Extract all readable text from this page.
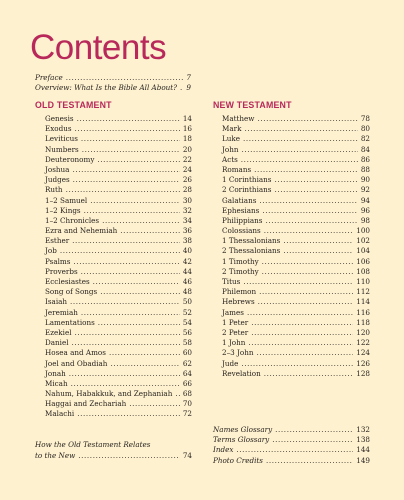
Contents
Preface .....	7
Overview: What Is the Bible All About? ..... 9
OLD TESTAMENT	NEW TESTAMENT
Genesis .....	14
Exodus .....	16
Leviticus .....	18
Numbers .....	20
Deuteronomy .....	22
Joshua .....	24
Judges .....	26
Ruth .....	28
1–2 Samuel .....	30
1–2 Kings .....	32
1–2 Chronicles .....	34
Ezra and Nehemiah .....	36
Esther .....	38
Job .....	40
Psalms .....	42
Proverbs .....	44
Ecclesiastes .....	46
Song of Songs .....	48
Isaiah .....	50
Jeremiah .....	52
Lamentations .....	54
Ezekiel .....	56
Daniel .....	58
Hosea and Amos .....	60
Joel and Obadiah .....	62
Jonah .....	64
Micah .....	66
Nahum, Habakkuk, and Zephaniah ..... 68
Haggai and Zechariah .....	70
Malachi .....	72
Matthew .....	78
Mark .....	80
Luke .....	82
John .....	84
Acts .....	86
Romans .....	88
1 Corinthians .....	90
2 Corinthians .....	92
Galatians .....	94
Ephesians .....	96
Philippians .....	98
Colossians .....	100
1 Thessalonians .....	102
2 Thessalonians .....	104
1 Timothy .....	106
2 Timothy .....	108
Titus .....	110
Philemon .....	112
Hebrews .....	114
James .....	116
1 Peter .....	118
2 Peter .....	120
1 John .....	122
2–3 John .....	124
Jude .....	126
Revelation .....	128
How the Old Testament Relates
to the New .....	74
Names Glossary .....	132
Terms Glossary .....	138
Index .....	144
Photo Credits .....	149
